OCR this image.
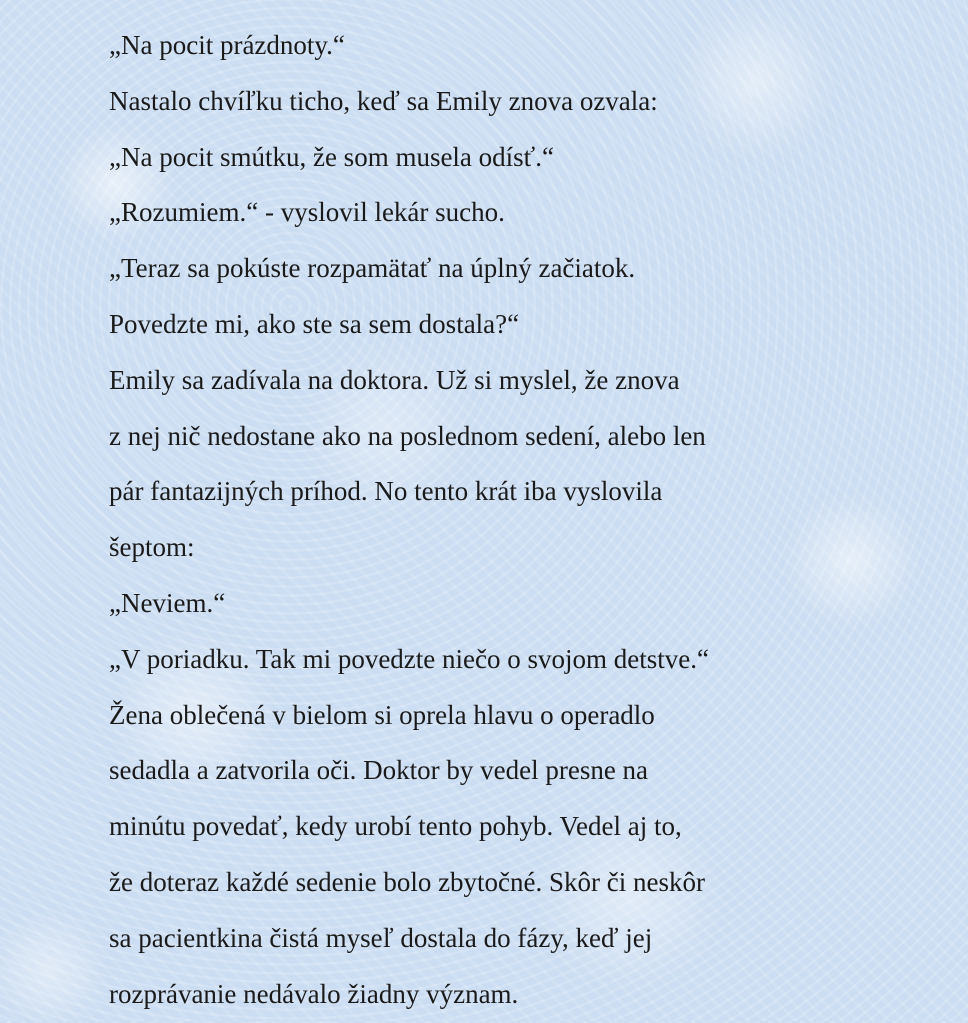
„Na pocit prázdnoty.“
Nastalo chvíľku ticho, keď sa Emily znova ozvala:
„Na pocit smútku, že som musela odísť.“
„Rozumiem.“ - vyslovil lekár sucho.
„Teraz sa pokúste rozpamätať na úplný začiatok.
Povedzte mi, ako ste sa sem dostala?“
Emily sa zadívala na doktora. Už si myslel, že znova
z nej nič nedostane ako na poslednom sedení, alebo len
pár fantazijných príhod. No tento krát iba vyslovila
šeptom:
„Neviem.“
„V poriadku. Tak mi povedzte niečo o svojom detstve.“
Žena oblečená v bielom si oprela hlavu o operadlo
sedadla a zatvorila oči. Doktor by vedel presne na
minútu povedať, kedy urobí tento pohyb. Vedel aj to,
že doteraz každé sedenie bolo zbytočné. Skôr či neskôr
sa pacientkina čistá myseľ dostala do fázy, keď jej
rozprávanie nedávalo žiadny význam.
